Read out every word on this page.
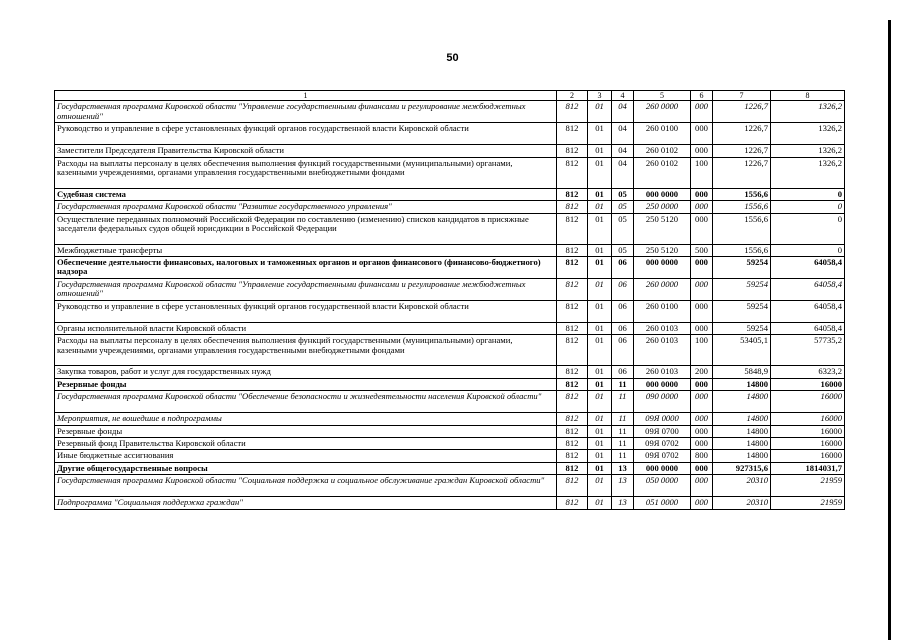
50
1	2	3	4	5	6	7	8
Государственная программа Кировской области "Управление государственными финансами и регулирование межбюджетных отношений"	812	01	04	260 0000	000	1226,7	1326,2
Руководство и управление в сфере установленных функций органов государственной власти Кировской области	812	01	04	260 0100	000	1226,7	1326,2
Заместители Председателя Правительства Кировской области	812	01	04	260 0102	000	1226,7	1326,2
Расходы на выплаты персоналу в целях обеспечения выполнения функций государственными (муниципальными) органами, казенными учреждениями, органами управления государственными внебюджетными фондами	812	01	04	260 0102	100	1226,7	1326,2
Судебная система	812	01	05	000 0000	000	1556,6	0
Государственная программа Кировской области "Развитие государственного управления"	812	01	05	250 0000	000	1556,6	0
Осуществление переданных полномочий Российской Федерации по составлению (изменению) списков кандидатов в присяжные заседатели федеральных судов общей юрисдикции в Российской Федерации	812	01	05	250 5120	000	1556,6	0
Межбюджетные трансферты	812	01	05	250 5120	500	1556,6	0
Обеспечение деятельности финансовых, налоговых и таможенных органов и органов финансового (финансово-бюджетного) надзора	812	01	06	000 0000	000	59254	64058,4
Государственная программа Кировской области "Управление государственными финансами и регулирование межбюджетных отношений"	812	01	06	260 0000	000	59254	64058,4
Руководство и управление в сфере установленных функций органов государственной власти Кировской области	812	01	06	260 0100	000	59254	64058,4
Органы исполнительной власти Кировской области	812	01	06	260 0103	000	59254	64058,4
Расходы на выплаты персоналу в целях обеспечения выполнения функций государственными (муниципальными) органами, казенными учреждениями, органами управления государственными внебюджетными фондами	812	01	06	260 0103	100	53405,1	57735,2
Закупка товаров, работ и услуг для государственных нужд	812	01	06	260 0103	200	5848,9	6323,2
Резервные фонды	812	01	11	000 0000	000	14800	16000
Государственная программа Кировской области "Обеспечение безопасности и жизнедеятельности населения Кировской области"	812	01	11	090 0000	000	14800	16000
Мероприятия, не вошедшие в подпрограммы	812	01	11	09Я 0000	000	14800	16000
Резервные фонды	812	01	11	09Я 0700	000	14800	16000
Резервный фонд Правительства Кировской области	812	01	11	09Я 0702	000	14800	16000
Иные бюджетные ассигнования	812	01	11	09Я 0702	800	14800	16000
Другие общегосударственные вопросы	812	01	13	000 0000	000	927315,6	1814031,7
Государственная программа Кировской области "Социальная поддержка и социальное обслуживание граждан Кировской области"	812	01	13	050 0000	000	20310	21959
Подпрограмма "Социальная поддержка граждан"	812	01	13	051 0000	000	20310	21959
